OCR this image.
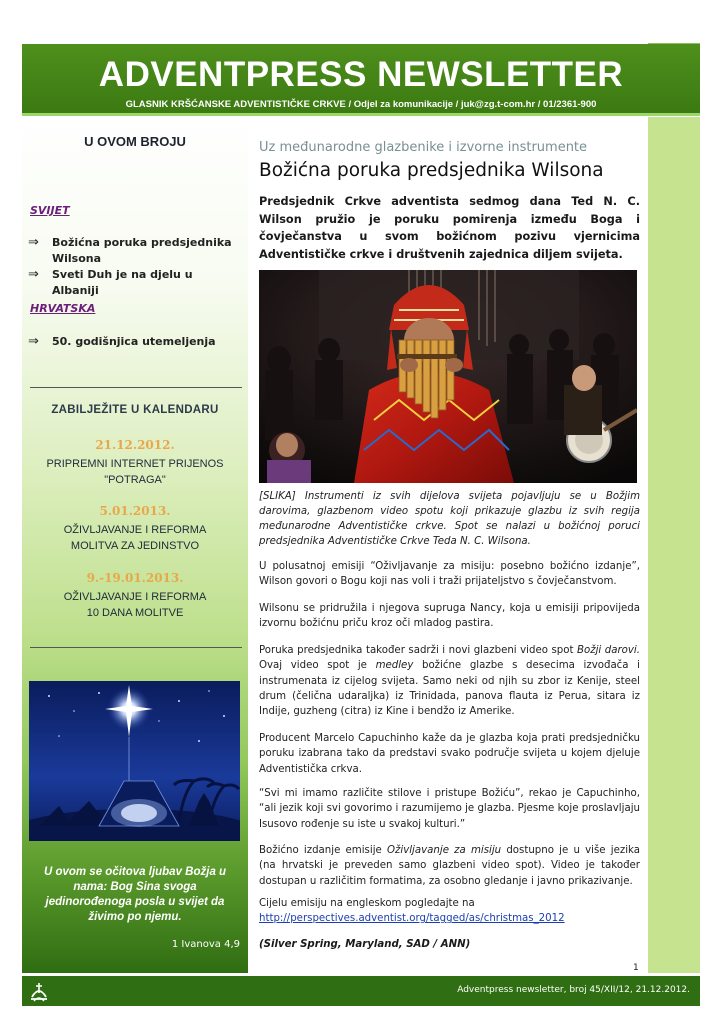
ADVENTPRESS NEWSLETTER
GLASNIK KRŠĆANSKE ADVENTISTIČKE CRKVE / Odjel za komunikacije / juk@zg.t-com.hr / 01/2361-900
U OVOM BROJU
SVIJET
⇒	Božićna poruka predsjednika Wilsona
⇒	Sveti Duh je na djelu u Albaniji
HRVATSKA
⇒	50. godišnjica utemeljenja
ZABILJEŽITE U KALENDARU
21.12.2012.
PRIPREMNI INTERNET PRIJENOS
"POTRAGA"
5.01.2013.
OŽIVLJAVANJE I REFORMA
MOLITVA ZA JEDINSTVO
9.-19.01.2013.
OŽIVLJAVANJE I REFORMA
10 DANA MOLITVE
U ovom se očitova ljubav Božja u nama: Bog Sina svoga jedinorođenoga posla u svijet da živimo po njemu.
1 Ivanova 4,9
Uz međunarodne glazbenike i izvorne instrumente
Božićna poruka predsjednika Wilsona
Predsjednik Crkve adventista sedmog dana Ted N. C. Wilson pružio je poruku pomirenja između Boga i čovječanstva u svom božićnom pozivu vjernicima Adventističke crkve i društvenih zajednica diljem svijeta.
[SLIKA] Instrumenti iz svih dijelova svijeta pojavljuju se u Božjim darovima, glazbenom video spotu koji prikazuje glazbu iz svih regija međunarodne Adventističke crkve. Spot se nalazi u božićnoj poruci predsjednika Adventističke Crkve Teda N. C. Wilsona.
U polusatnoj emisiji “Oživljavanje za misiju: posebno božićno izdanje”, Wilson govori o Bogu koji nas voli i traži prijateljstvo s čovječanstvom.
Wilsonu se pridružila i njegova supruga Nancy, koja u emisiji pripovijeda izvornu božićnu priču kroz oči mladog pastira.
Poruka predsjednika također sadrži i novi glazbeni video spot Božji darovi. Ovaj video spot je medley božićne glazbe s desecima izvođača i instrumenata iz cijelog svijeta. Samo neki od njih su zbor iz Kenije, steel drum (čelična udaraljka) iz Trinidada, panova flauta iz Perua, sitara iz Indije, guzheng (citra) iz Kine i bendžo iz Amerike.
Producent Marcelo Capuchinho kaže da je glazba koja prati predsjedničku poruku izabrana tako da predstavi svako područje svijeta u kojem djeluje Adventistička crkva.
“Svi mi imamo različite stilove i pristupe Božiću”, rekao je Capuchinho, “ali jezik koji svi govorimo i razumijemo je glazba. Pjesme koje proslavljaju Isusovo rođenje su iste u svakoj kulturi.”
Božićno izdanje emisije Oživljavanje za misiju dostupno je u više jezika (na hrvatski je preveden samo glazbeni video spot). Video je također dostupan u različitim formatima, za osobno gledanje i javno prikazivanje.
Cijelu emisiju na engleskom pogledajte na
http://perspectives.adventist.org/tagged/as/christmas_2012
(Silver Spring, Maryland, SAD / ANN)
1
Adventpress newsletter, broj 45/XII/12, 21.12.2012.
